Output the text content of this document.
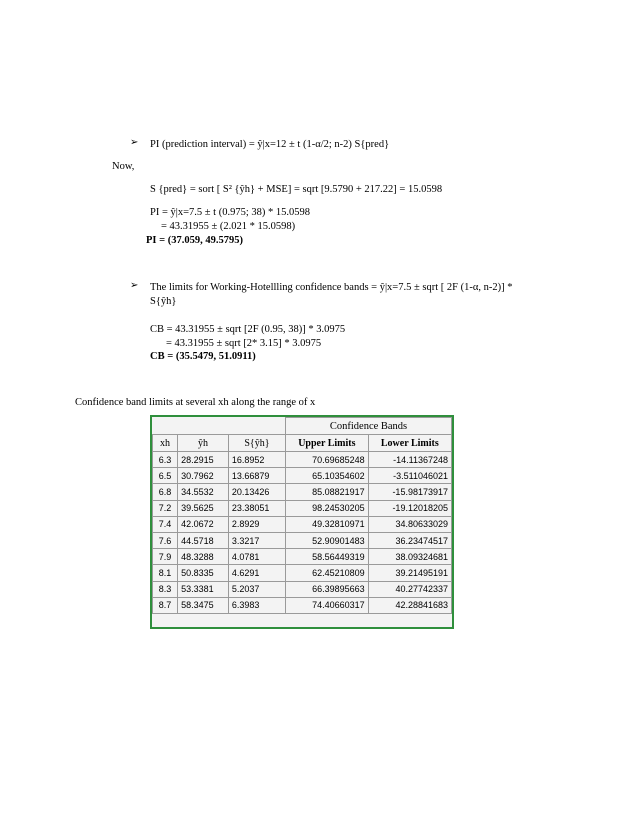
➢ PI (prediction interval) = ŷ|x=12 ± t (1-α/2; n-2) S{pred}
Now,
S {pred} = sort [ S² {ŷh} + MSE] = sqrt [9.5790 + 217.22] = 15.0598
PI = ŷ|x=7.5 ± t (0.975; 38) * 15.0598
= 43.31955 ± (2.021 * 15.0598)
PI = (37.059, 49.5795)
➢ The limits for Working-Hotellling confidence bands = ŷ|x=7.5 ± sqrt [ 2F (1-α, n-2)] *
S{ŷh}
CB = 43.31955 ± sqrt [2F (0.95, 38)] * 3.0975
= 43.31955 ± sqrt [2* 3.15] * 3.0975
CB = (35.5479, 51.0911)
Confidence band limits at several xh along the range of x
			Confidence Bands	
xh	ŷh	S{ŷh}	Upper Limits	Lower Limits
6.3	28.2915	16.8952	70.69685248	-14.11367248
6.5	30.7962	13.66879	65.10354602	-3.511046021
6.8	34.5532	20.13426	85.08821917	-15.98173917
7.2	39.5625	23.38051	98.24530205	-19.12018205
7.4	42.0672	2.8929	49.32810971	34.80633029
7.6	44.5718	3.3217	52.90901483	36.23474517
7.9	48.3288	4.0781	58.56449319	38.09324681
8.1	50.8335	4.6291	62.45210809	39.21495191
8.3	53.3381	5.2037	66.39895663	40.27742337
8.7	58.3475	6.3983	74.40660317	42.28841683
